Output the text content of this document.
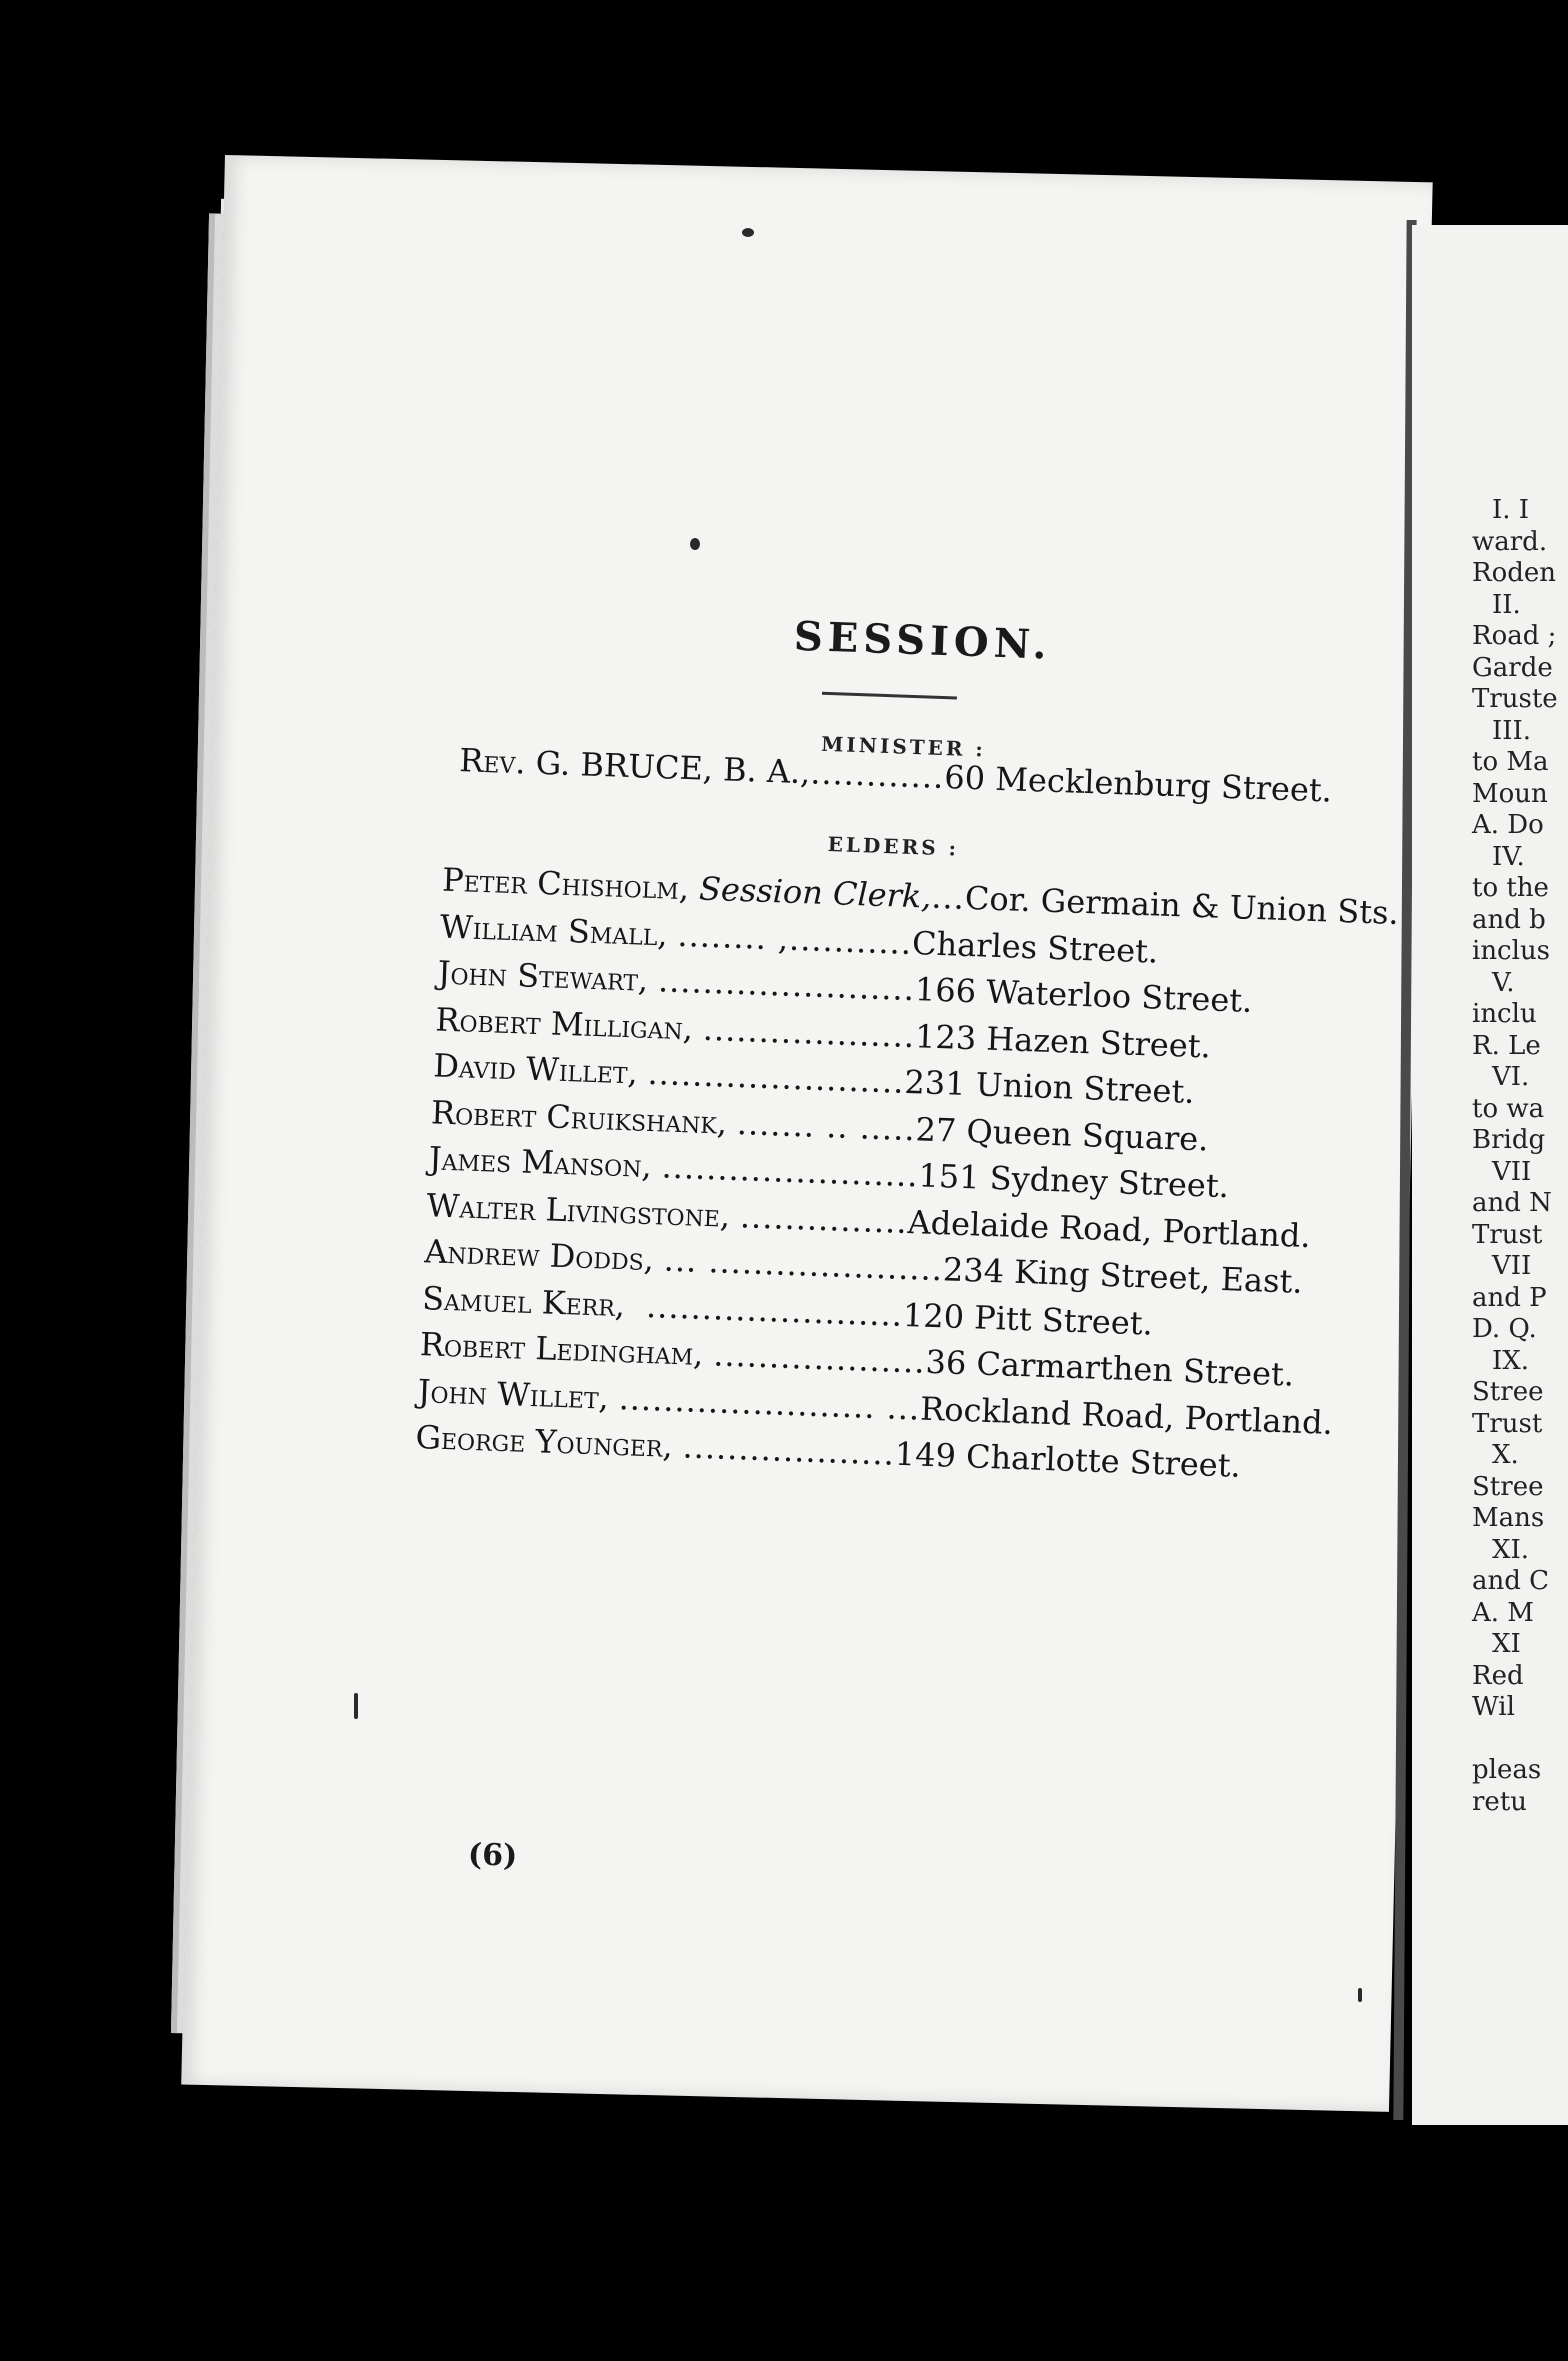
I. I
ward.
Roden
II.
Road ;
Garde
Truste
III.
to Ma
Moun
A. Do
IV.
to the
and b
inclus
V.
inclu
R. Le
VI.
to wa
Bridg
VII
and N
Trust
VII
and P
D. Q.
IX.
Stree
Trust
X.
Stree
Mans
XI.
and C
A. M
XI
Red
Wil
pleas
retu
SESSION.
MINISTER :
Rev. G. BRUCE, B. A.,............60 Mecklenburg Street.
ELDERS :
Peter Chisholm, Session Clerk,...Cor. Germain & Union Sts.
William Small, ........ ,...........Charles Street.
John Stewart, .......................166 Waterloo Street.
Robert Milligan, ...................123 Hazen Street.
David Willet, .......................231 Union Street.
Robert Cruikshank, ....... .. .....27 Queen Square.
James Manson, .......................151 Sydney Street.
Walter Livingstone, ...............Adelaide Road, Portland.
Andrew Dodds, ... .....................234 King Street, East.
Samuel Kerr, .......................120 Pitt Street.
Robert Ledingham, ...................36 Carmarthen Street.
John Willet, ....................... ...Rockland Road, Portland.
George Younger, ...................149 Charlotte Street.
(6)
